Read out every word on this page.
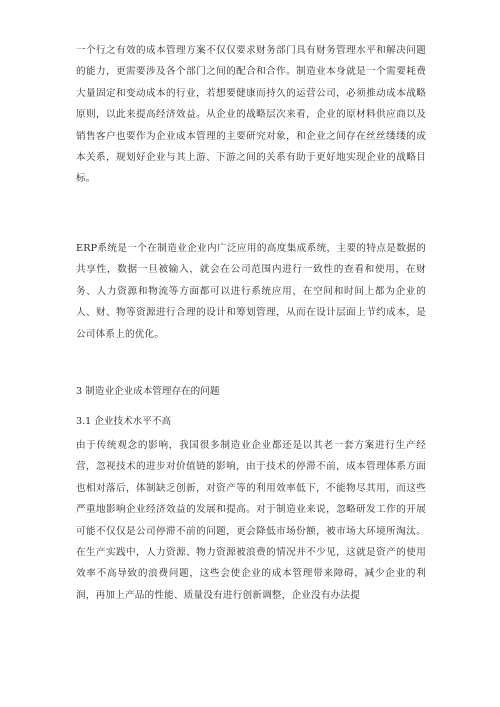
一个行之有效的成本管理方案不仅仅要求财务部门具有财务管理水平和解决问题的能力，更需要涉及各个部门之间的配合和合作。制造业本身就是一个需要耗费大量固定和变动成本的行业，若想要健康而持久的运营公司，必须推动成本战略原则，以此来提高经济效益。从企业的战略层次来看，企业的原材料供应商以及销售客户也要作为企业成本管理的主要研究对象，和企业之间存在丝丝缕缕的成本关系，规划好企业与其上游、下游之间的关系有助于更好地实现企业的战略目标。

ERP系统是一个在制造业企业内广泛应用的高度集成系统，主要的特点是数据的共享性，数据一旦被输入，就会在公司范围内进行一致性的查看和使用，在财务、人力资源和物流等方面都可以进行系统应用，在空间和时间上都为企业的人、财、物等资源进行合理的设计和筹划管理，从而在设计层面上节约成本，是公司体系上的优化。

3 制造业企业成本管理存在的问题
3.1 企业技术水平不高

由于传统观念的影响，我国很多制造业企业都还是以其老一套方案进行生产经营，忽视技术的进步对价值链的影响，由于技术的停滞不前，成本管理体系方面也相对落后，体制缺乏创新，对资产等的利用效率低下，不能物尽其用，而这些严重地影响企业经济效益的发展和提高。对于制造业来说，忽略研发工作的开展可能不仅仅是公司停滞不前的问题，更会降低市场份额，被市场大环境所淘汰。在生产实践中，人力资源、物力资源被浪费的情况并不少见，这就是资产的使用效率不高导致的浪费问题，这些会使企业的成本管理带来障碍，减少企业的利润，再加上产品的性能、质量没有进行创新调整，企业没有办法提
